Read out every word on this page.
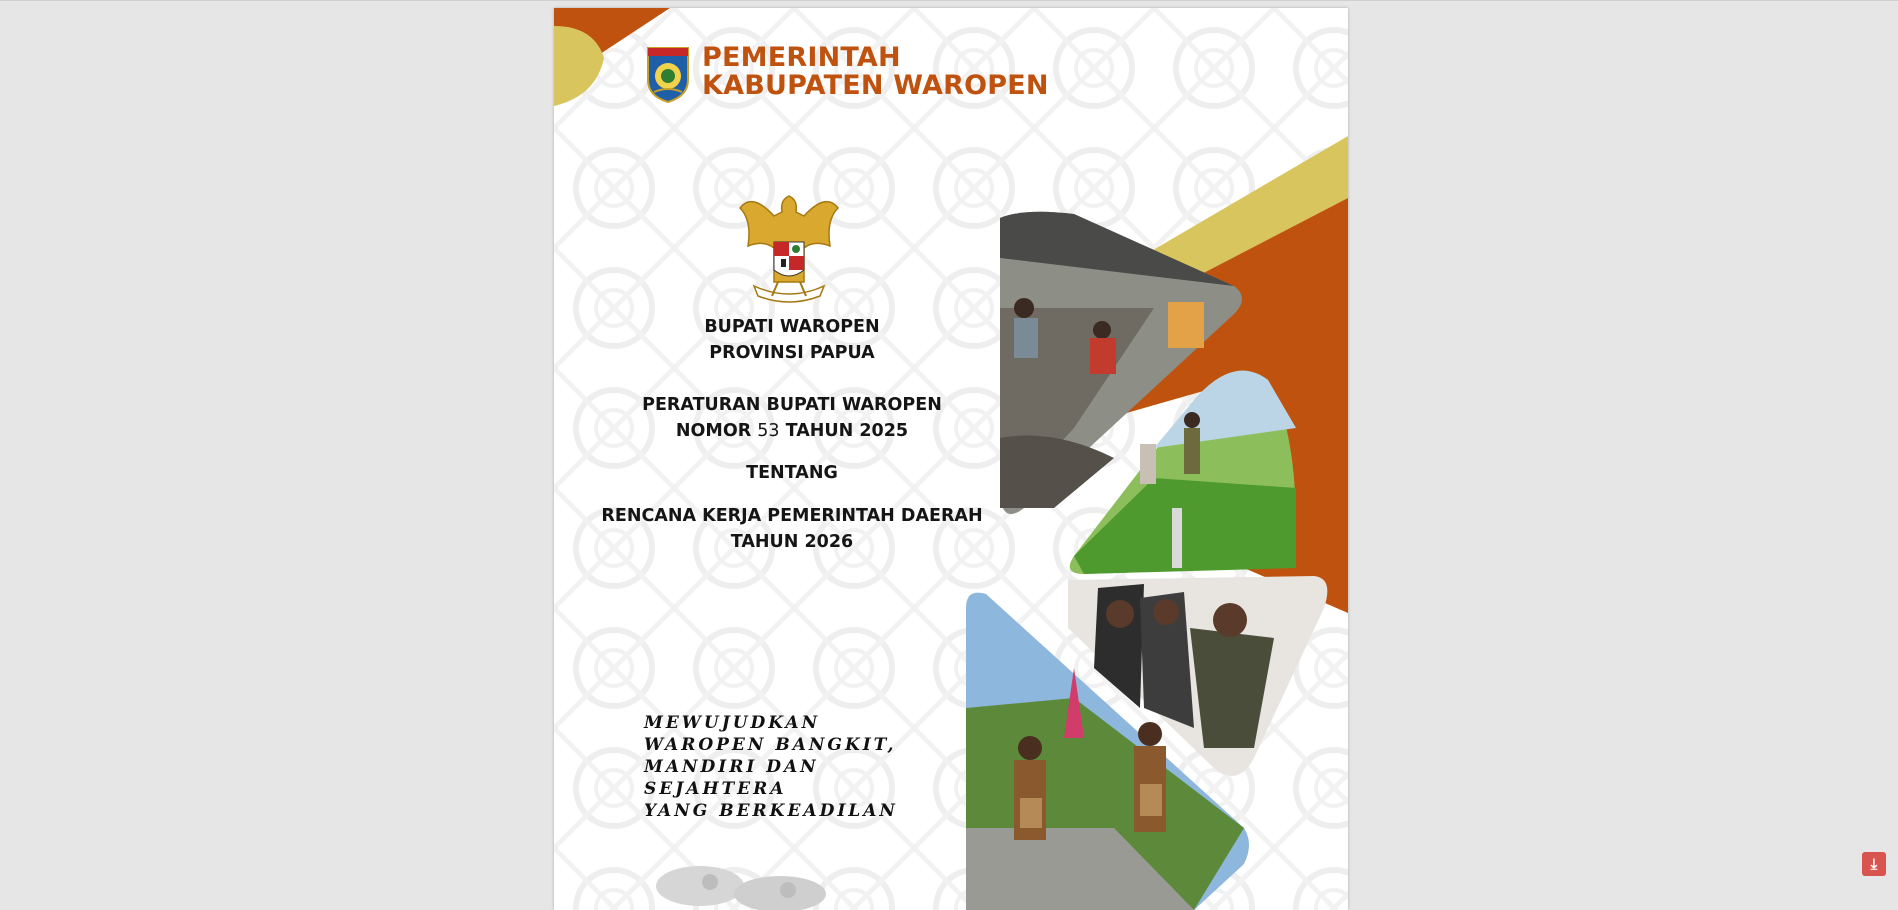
PEMERINTAH
KABUPATEN WAROPEN
BUPATI WAROPEN
PROVINSI PAPUA
PERATURAN BUPATI WAROPEN
NOMOR 53 TAHUN 2025
TENTANG
RENCANA KERJA PEMERINTAH DAERAH
TAHUN 2026
MEWUJUDKAN
WAROPEN BANGKIT,
MANDIRI DAN
SEJAHTERA
YANG BERKEADILAN
⤓
